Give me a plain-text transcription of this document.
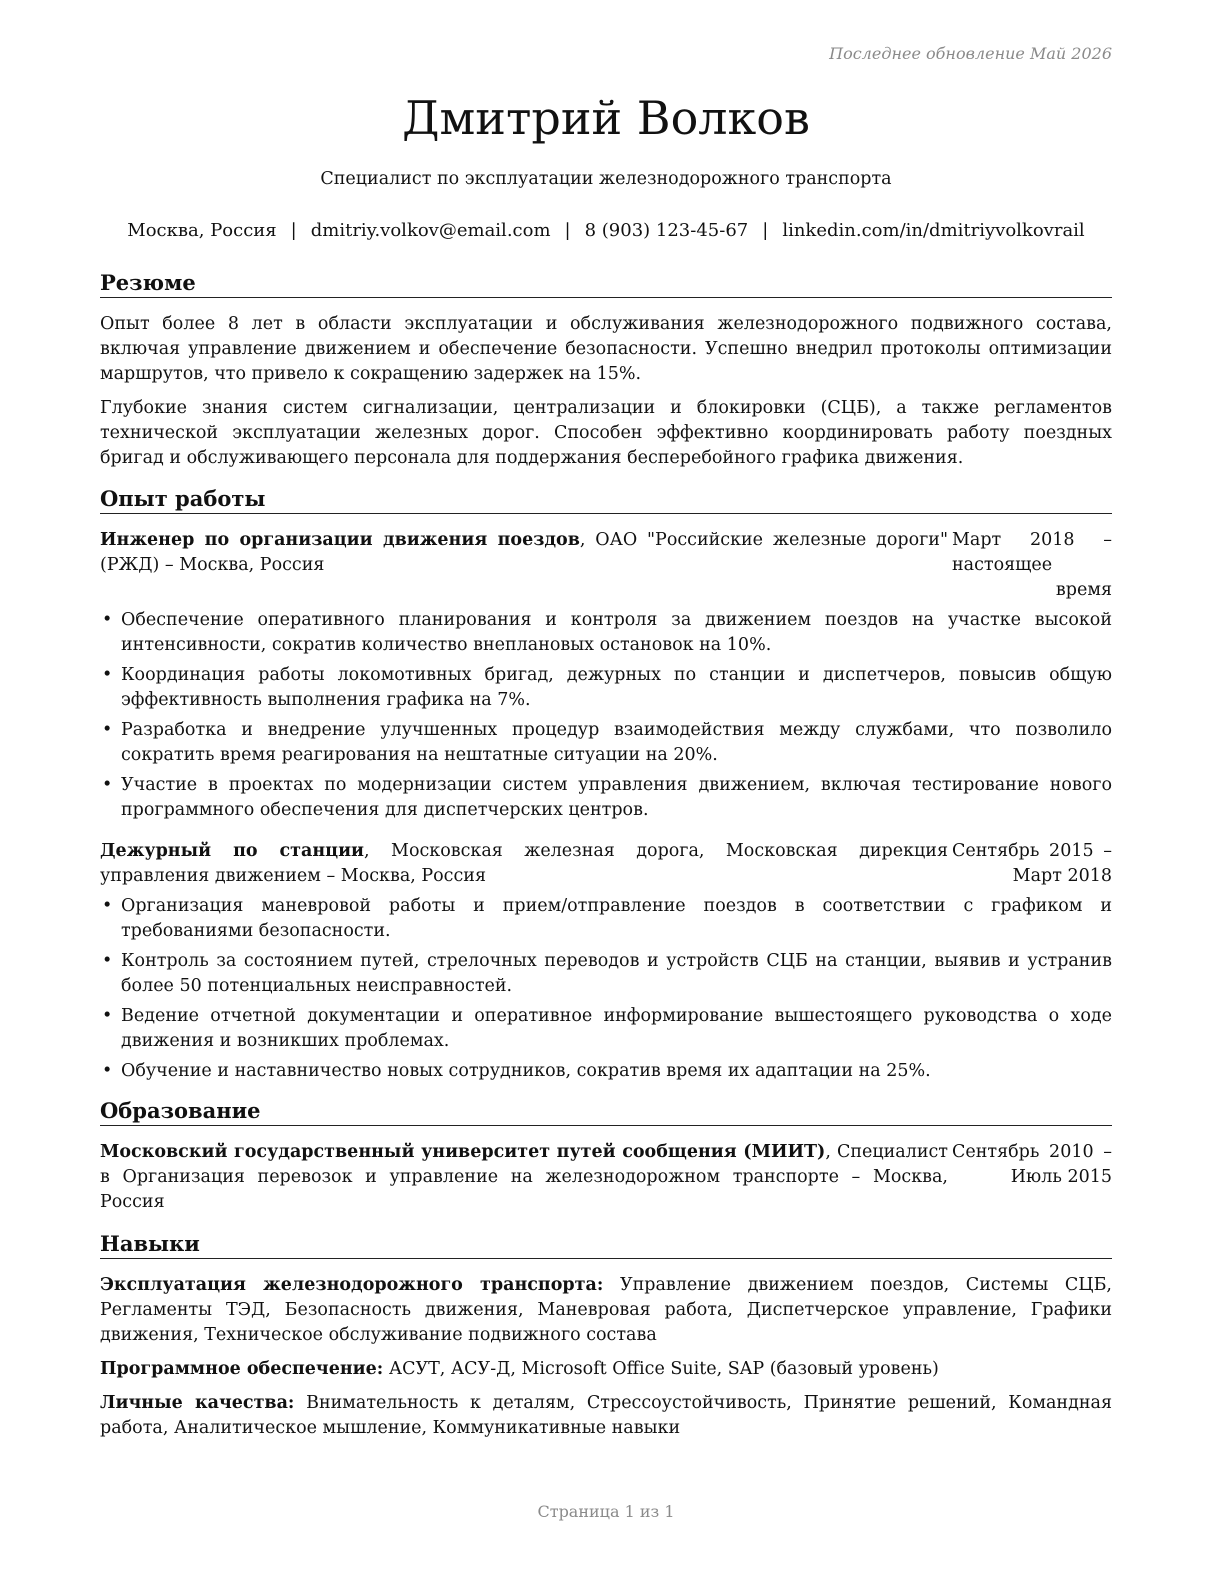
Последнее обновление Май 2026
Дмитрий Волков
Специалист по эксплуатации железнодорожного транспорта
Москва, Россия | dmitriy.volkov@email.com | 8 (903) 123-45-67 | linkedin.com/in/dmitriyvolkovrail
Резюме

Опыт более 8 лет в области эксплуатации и обслуживания железнодорожного подвижного состава, включая управление движением и обеспечение безопасности. Успешно внедрил протоколы оптимизации маршрутов, что привело к сокращению задержек на 15%.

Глубокие знания систем сигнализации, централизации и блокировки (СЦБ), а также регламентов технической эксплуатации железных дорог. Способен эффективно координировать работу поездных бригад и обслуживающего персонала для поддержания бесперебойного графика движения.

Опыт работы
Инженер по организации движения поездов, ОАО "Российские железные дороги" (РЖД) – Москва, Россия
Март 2018 – настоящее время
• Обеспечение оперативного планирования и контроля за движением поездов на участке высокой интенсивности, сократив количество внеплановых остановок на 10%.
• Координация работы локомотивных бригад, дежурных по станции и диспетчеров, повысив общую эффективность выполнения графика на 7%.
• Разработка и внедрение улучшенных процедур взаимодействия между службами, что позволило сократить время реагирования на нештатные ситуации на 20%.
• Участие в проектах по модернизации систем управления движением, включая тестирование нового программного обеспечения для диспетчерских центров.
Дежурный по станции, Московская железная дорога, Московская дирекция управления движением – Москва, Россия
Сентябрь 2015 – Март 2018
• Организация маневровой работы и прием/отправление поездов в соответствии с графиком и требованиями безопасности.
• Контроль за состоянием путей, стрелочных переводов и устройств СЦБ на станции, выявив и устранив более 50 потенциальных неисправностей.
• Ведение отчетной документации и оперативное информирование вышестоящего руководства о ходе движения и возникших проблемах.
• Обучение и наставничество новых сотрудников, сократив время их адаптации на 25%.
Образование
Московский государственный университет путей сообщения (МИИТ), Специалист в Организация перевозок и управление на железнодорожном транспорте – Москва, Россия
Сентябрь 2010 – Июль 2015
Навыки

Эксплуатация железнодорожного транспорта: Управление движением поездов, Системы СЦБ, Регламенты ТЭД, Безопасность движения, Маневровая работа, Диспетчерское управление, Графики движения, Техническое обслуживание подвижного состава

Программное обеспечение: АСУТ, АСУ-Д, Microsoft Office Suite, SAP (базовый уровень)

Личные качества: Внимательность к деталям, Стрессоустойчивость, Принятие решений, Командная работа, Аналитическое мышление, Коммуникативные навыки

Страница 1 из 1
